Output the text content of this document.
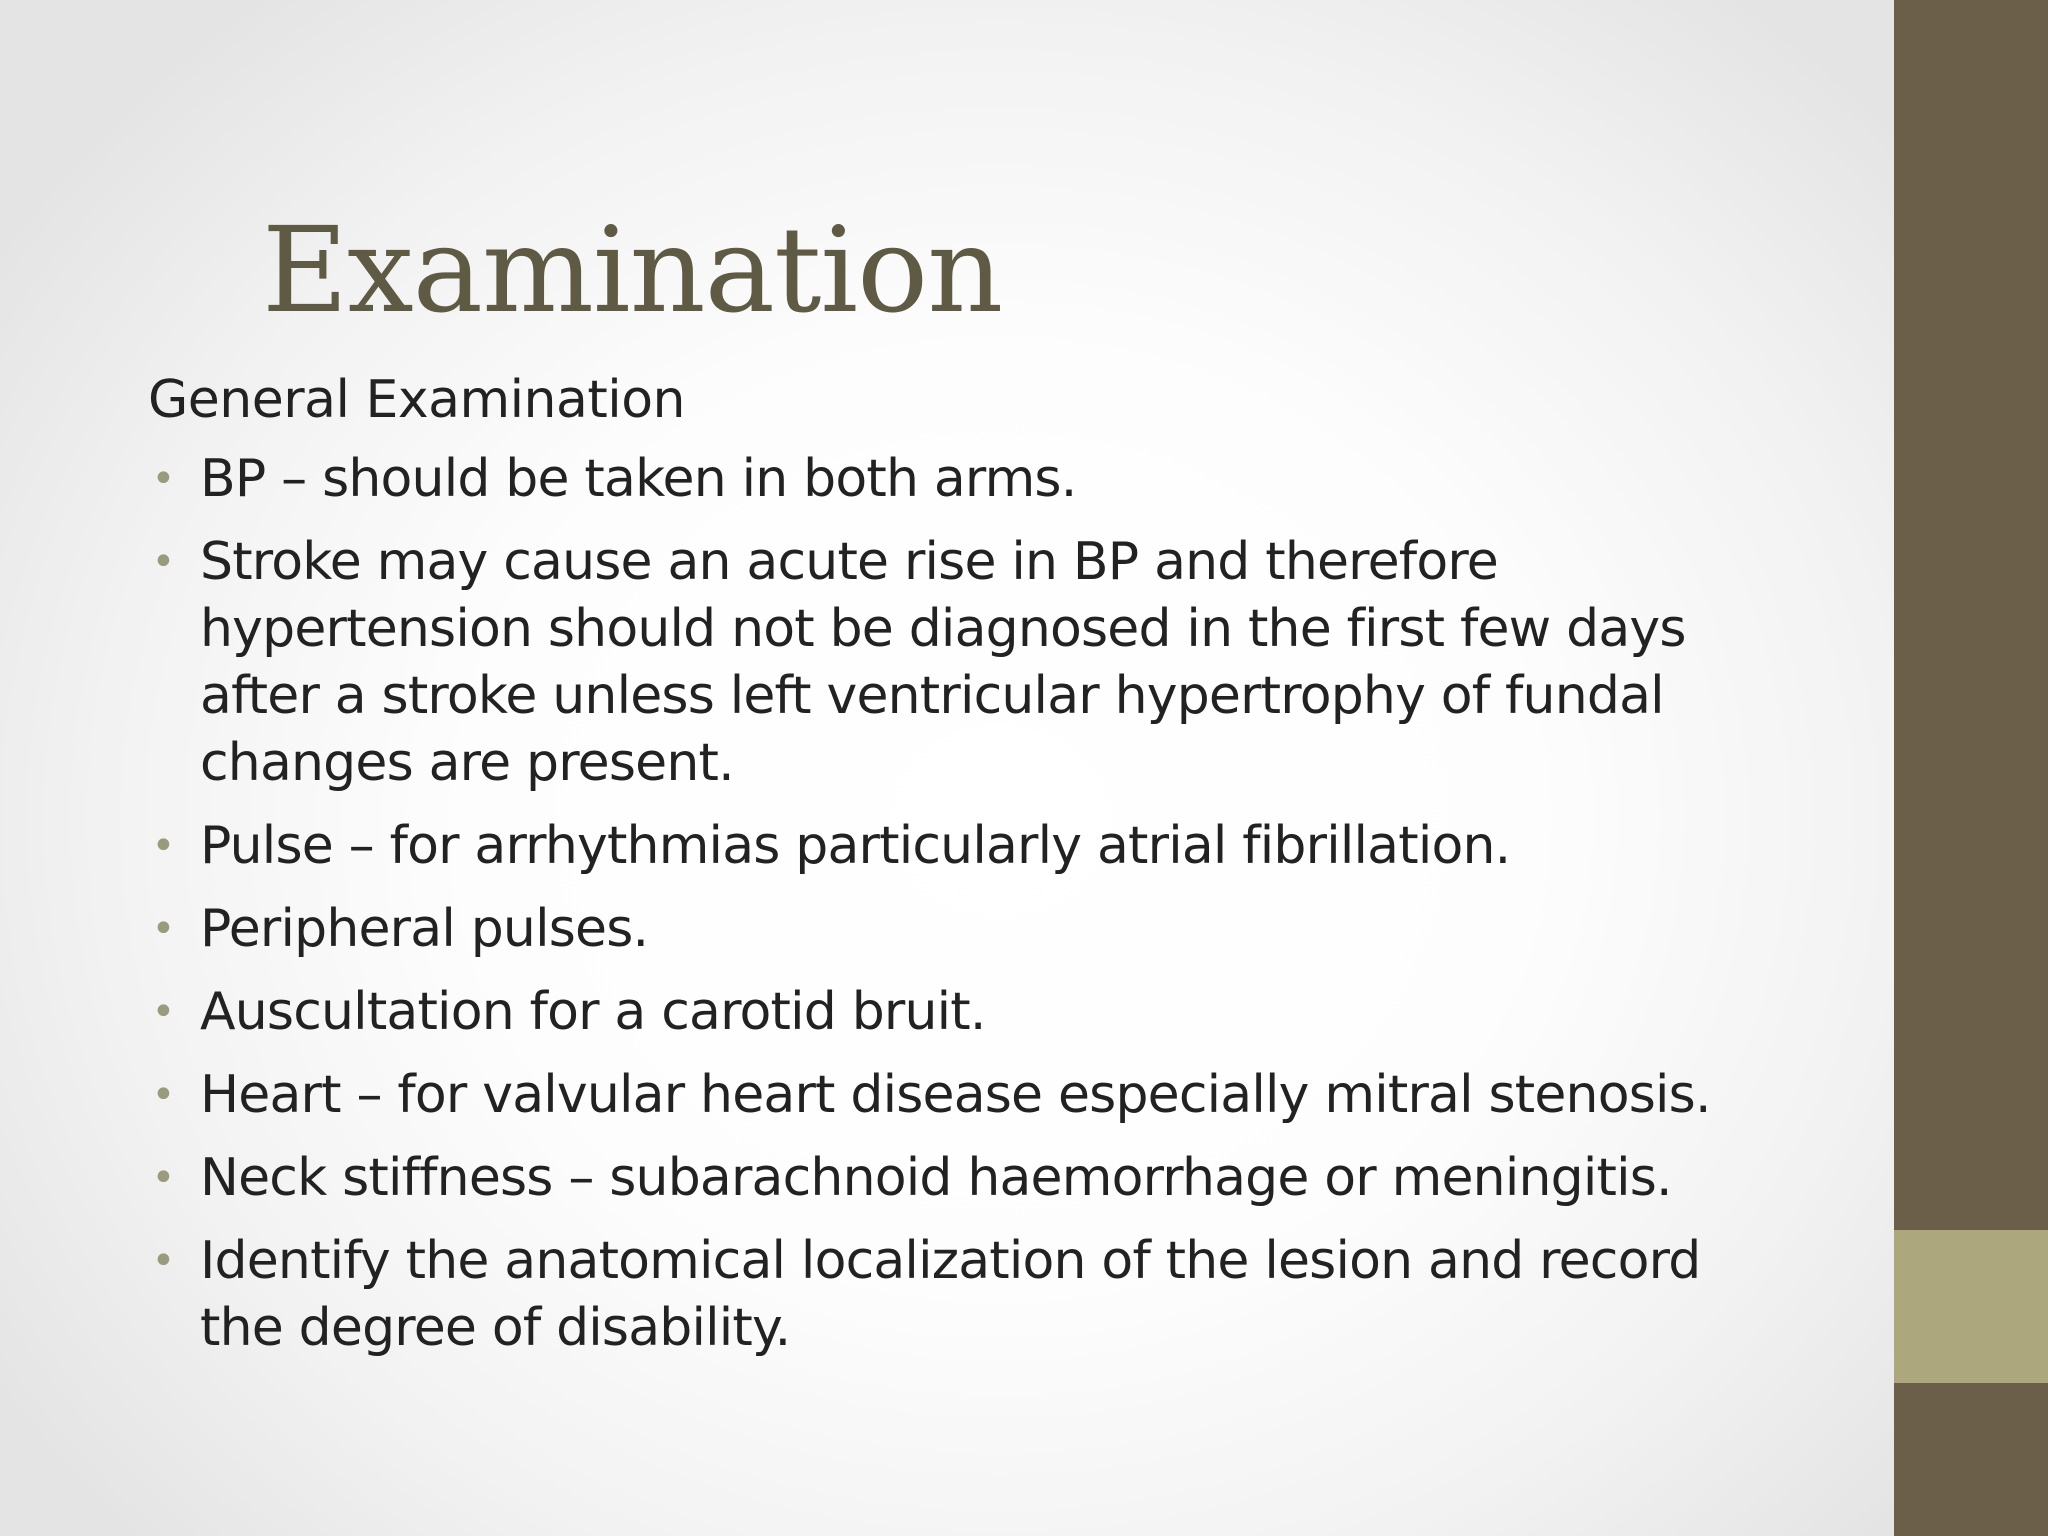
Examination
General Examination
• BP – should be taken in both arms.
• Stroke may cause an acute rise in BP and therefore hypertension should not be diagnosed in the first few days after a stroke unless left ventricular hypertrophy of fundal changes are present.
• Pulse – for arrhythmias particularly atrial fibrillation.
• Peripheral pulses.
• Auscultation for a carotid bruit.
• Heart – for valvular heart disease especially mitral stenosis.
• Neck stiffness – subarachnoid haemorrhage or meningitis.
• Identify the anatomical localization of the lesion and record the degree of disability.
